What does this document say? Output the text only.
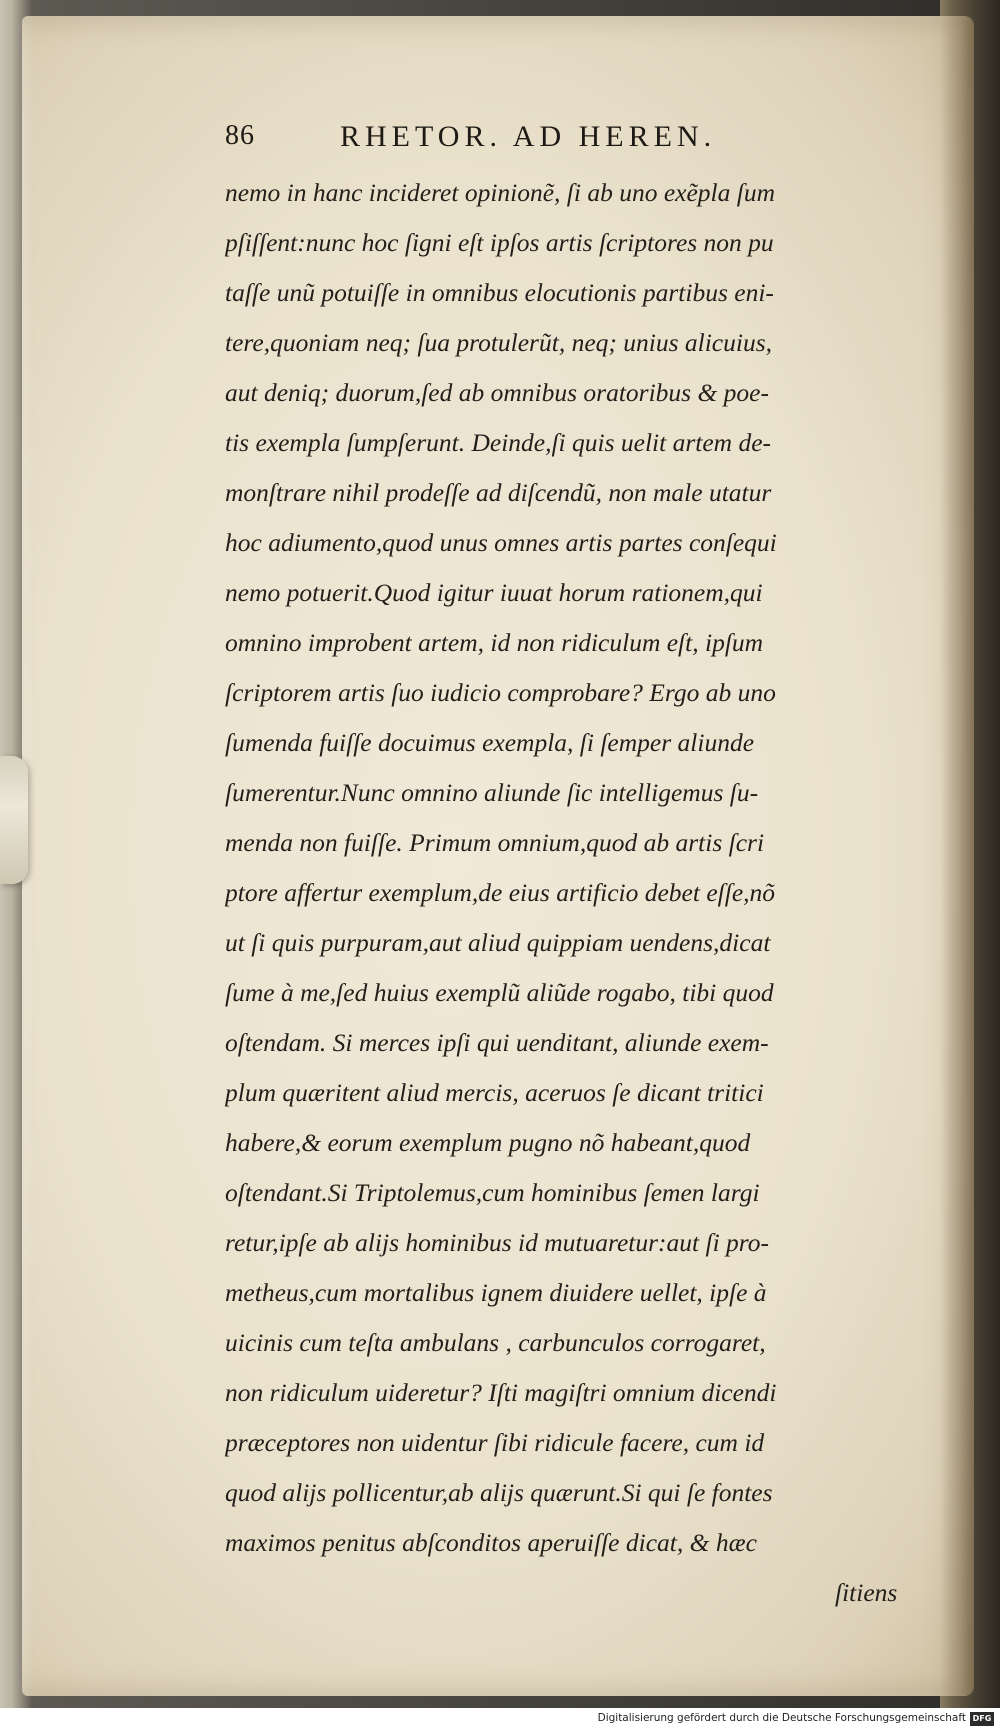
86	RHETOR. AD HEREN.
nemo in hanc incideret opinionẽ, ſi ab uno exẽpla ſum
pſiſſent:nunc hoc ſigni eſt ipſos artis ſcriptores non pu
taſſe unũ potuiſſe in omnibus elocutionis partibus eni-
tere,quoniam neq; ſua protulerũt, neq; unius alicuius,
aut deniq; duorum,ſed ab omnibus oratoribus & poe-
tis exempla ſumpſerunt. Deinde,ſi quis uelit artem de-
monſtrare nihil prodeſſe ad diſcendũ, non male utatur
hoc adiumento,quod unus omnes artis partes conſequi
nemo potuerit.Quod igitur iuuat horum rationem,qui
omnino improbent artem, id non ridiculum eſt, ipſum
ſcriptorem artis ſuo iudicio comprobare? Ergo ab uno
ſumenda fuiſſe docuimus exempla, ſi ſemper aliunde
ſumerentur.Nunc omnino aliunde ſic intelligemus ſu-
menda non fuiſſe. Primum omnium,quod ab artis ſcri
ptore affertur exemplum,de eius artificio debet eſſe,nõ
ut ſi quis purpuram,aut aliud quippiam uendens,dicat
ſume à me,ſed huius exemplũ aliũde rogabo, tibi quod
oſtendam. Si merces ipſi qui uenditant, aliunde exem-
plum quæritent aliud mercis, aceruos ſe dicant tritici
habere,& eorum exemplum pugno nõ habeant,quod
oſtendant.Si Triptolemus,cum hominibus ſemen largi
retur,ipſe ab alijs hominibus id mutuaretur:aut ſi pro-
metheus,cum mortalibus ignem diuidere uellet, ipſe à
uicinis cum teſta ambulans , carbunculos corrogaret,
non ridiculum uideretur? Iſti magiſtri omnium dicendi
præceptores non uidentur ſibi ridicule facere, cum id
quod alijs pollicentur,ab alijs quærunt.Si qui ſe fontes
maximos penitus abſconditos aperuiſſe dicat, & hæc
ſitiens
Digitalisierung gefördert durch die Deutsche Forschungsgemeinschaft DFG
